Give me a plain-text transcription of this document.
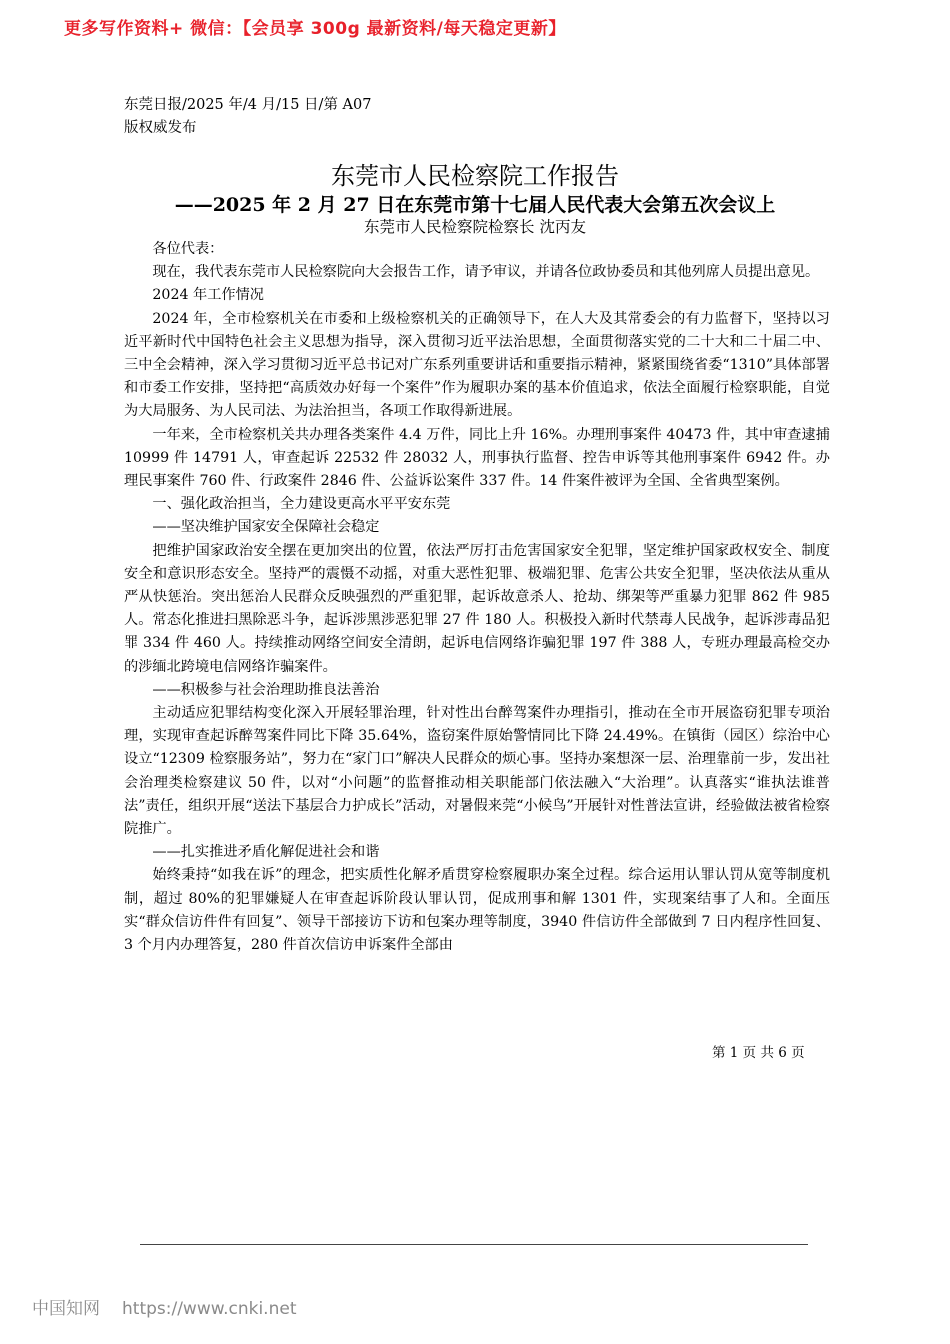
更多写作资料+ 微信：【会员享 300g 最新资料/每天稳定更新】
东莞日报/2025 年/4 月/15 日/第 A07
版权威发布
东莞市人民检察院工作报告
——2025 年 2 月 27 日在东莞市第十七届人民代表大会第五次会议上
东莞市人民检察院检察长 沈丙友

各位代表：

现在，我代表东莞市人民检察院向大会报告工作，请予审议，并请各位政协委员和其他列席人员提出意见。

2024 年工作情况

2024 年，全市检察机关在市委和上级检察机关的正确领导下，在人大及其常委会的有力监督下，坚持以习近平新时代中国特色社会主义思想为指导，深入贯彻习近平法治思想，全面贯彻落实党的二十大和二十届二中、三中全会精神，深入学习贯彻习近平总书记对广东系列重要讲话和重要指示精神，紧紧围绕省委“1310”具体部署和市委工作安排，坚持把“高质效办好每一个案件”作为履职办案的基本价值追求，依法全面履行检察职能，自觉为大局服务、为人民司法、为法治担当，各项工作取得新进展。

一年来，全市检察机关共办理各类案件 4.4 万件，同比上升 16%。办理刑事案件 40473 件，其中审查逮捕 10999 件 14791 人，审查起诉 22532 件 28032 人，刑事执行监督、控告申诉等其他刑事案件 6942 件。办理民事案件 760 件、行政案件 2846 件、公益诉讼案件 337 件。14 件案件被评为全国、全省典型案例。

一、强化政治担当，全力建设更高水平平安东莞

——坚决维护国家安全保障社会稳定

把维护国家政治安全摆在更加突出的位置，依法严厉打击危害国家安全犯罪，坚定维护国家政权安全、制度安全和意识形态安全。坚持严的震慑不动摇，对重大恶性犯罪、极端犯罪、危害公共安全犯罪，坚决依法从重从严从快惩治。突出惩治人民群众反映强烈的严重犯罪，起诉故意杀人、抢劫、绑架等严重暴力犯罪 862 件 985 人。常态化推进扫黑除恶斗争，起诉涉黑涉恶犯罪 27 件 180 人。积极投入新时代禁毒人民战争，起诉涉毒品犯罪 334 件 460 人。持续推动网络空间安全清朗，起诉电信网络诈骗犯罪 197 件 388 人，专班办理最高检交办的涉缅北跨境电信网络诈骗案件。

——积极参与社会治理助推良法善治

主动适应犯罪结构变化深入开展轻罪治理，针对性出台醉驾案件办理指引，推动在全市开展盗窃犯罪专项治理，实现审查起诉醉驾案件同比下降 35.64%，盗窃案件原始警情同比下降 24.49%。在镇街（园区）综治中心设立“12309 检察服务站”，努力在“家门口”解决人民群众的烦心事。坚持办案想深一层、治理靠前一步，发出社会治理类检察建议 50 件，以对“小问题”的监督推动相关职能部门依法融入“大治理”。认真落实“谁执法谁普法”责任，组织开展“送法下基层合力护成长”活动，对暑假来莞“小候鸟”开展针对性普法宣讲，经验做法被省检察院推广。

——扎实推进矛盾化解促进社会和谐

始终秉持“如我在诉”的理念，把实质性化解矛盾贯穿检察履职办案全过程。综合运用认罪认罚从宽等制度机制，超过 80%的犯罪嫌疑人在审查起诉阶段认罪认罚，促成刑事和解 1301 件，实现案结事了人和。全面压实“群众信访件件有回复”、领导干部接访下访和包案办理等制度，3940 件信访件全部做到 7 日内程序性回复、3 个月内办理答复，280 件首次信访申诉案件全部由

第 1 页 共 6 页
中国知网 https://www.cnki.net
